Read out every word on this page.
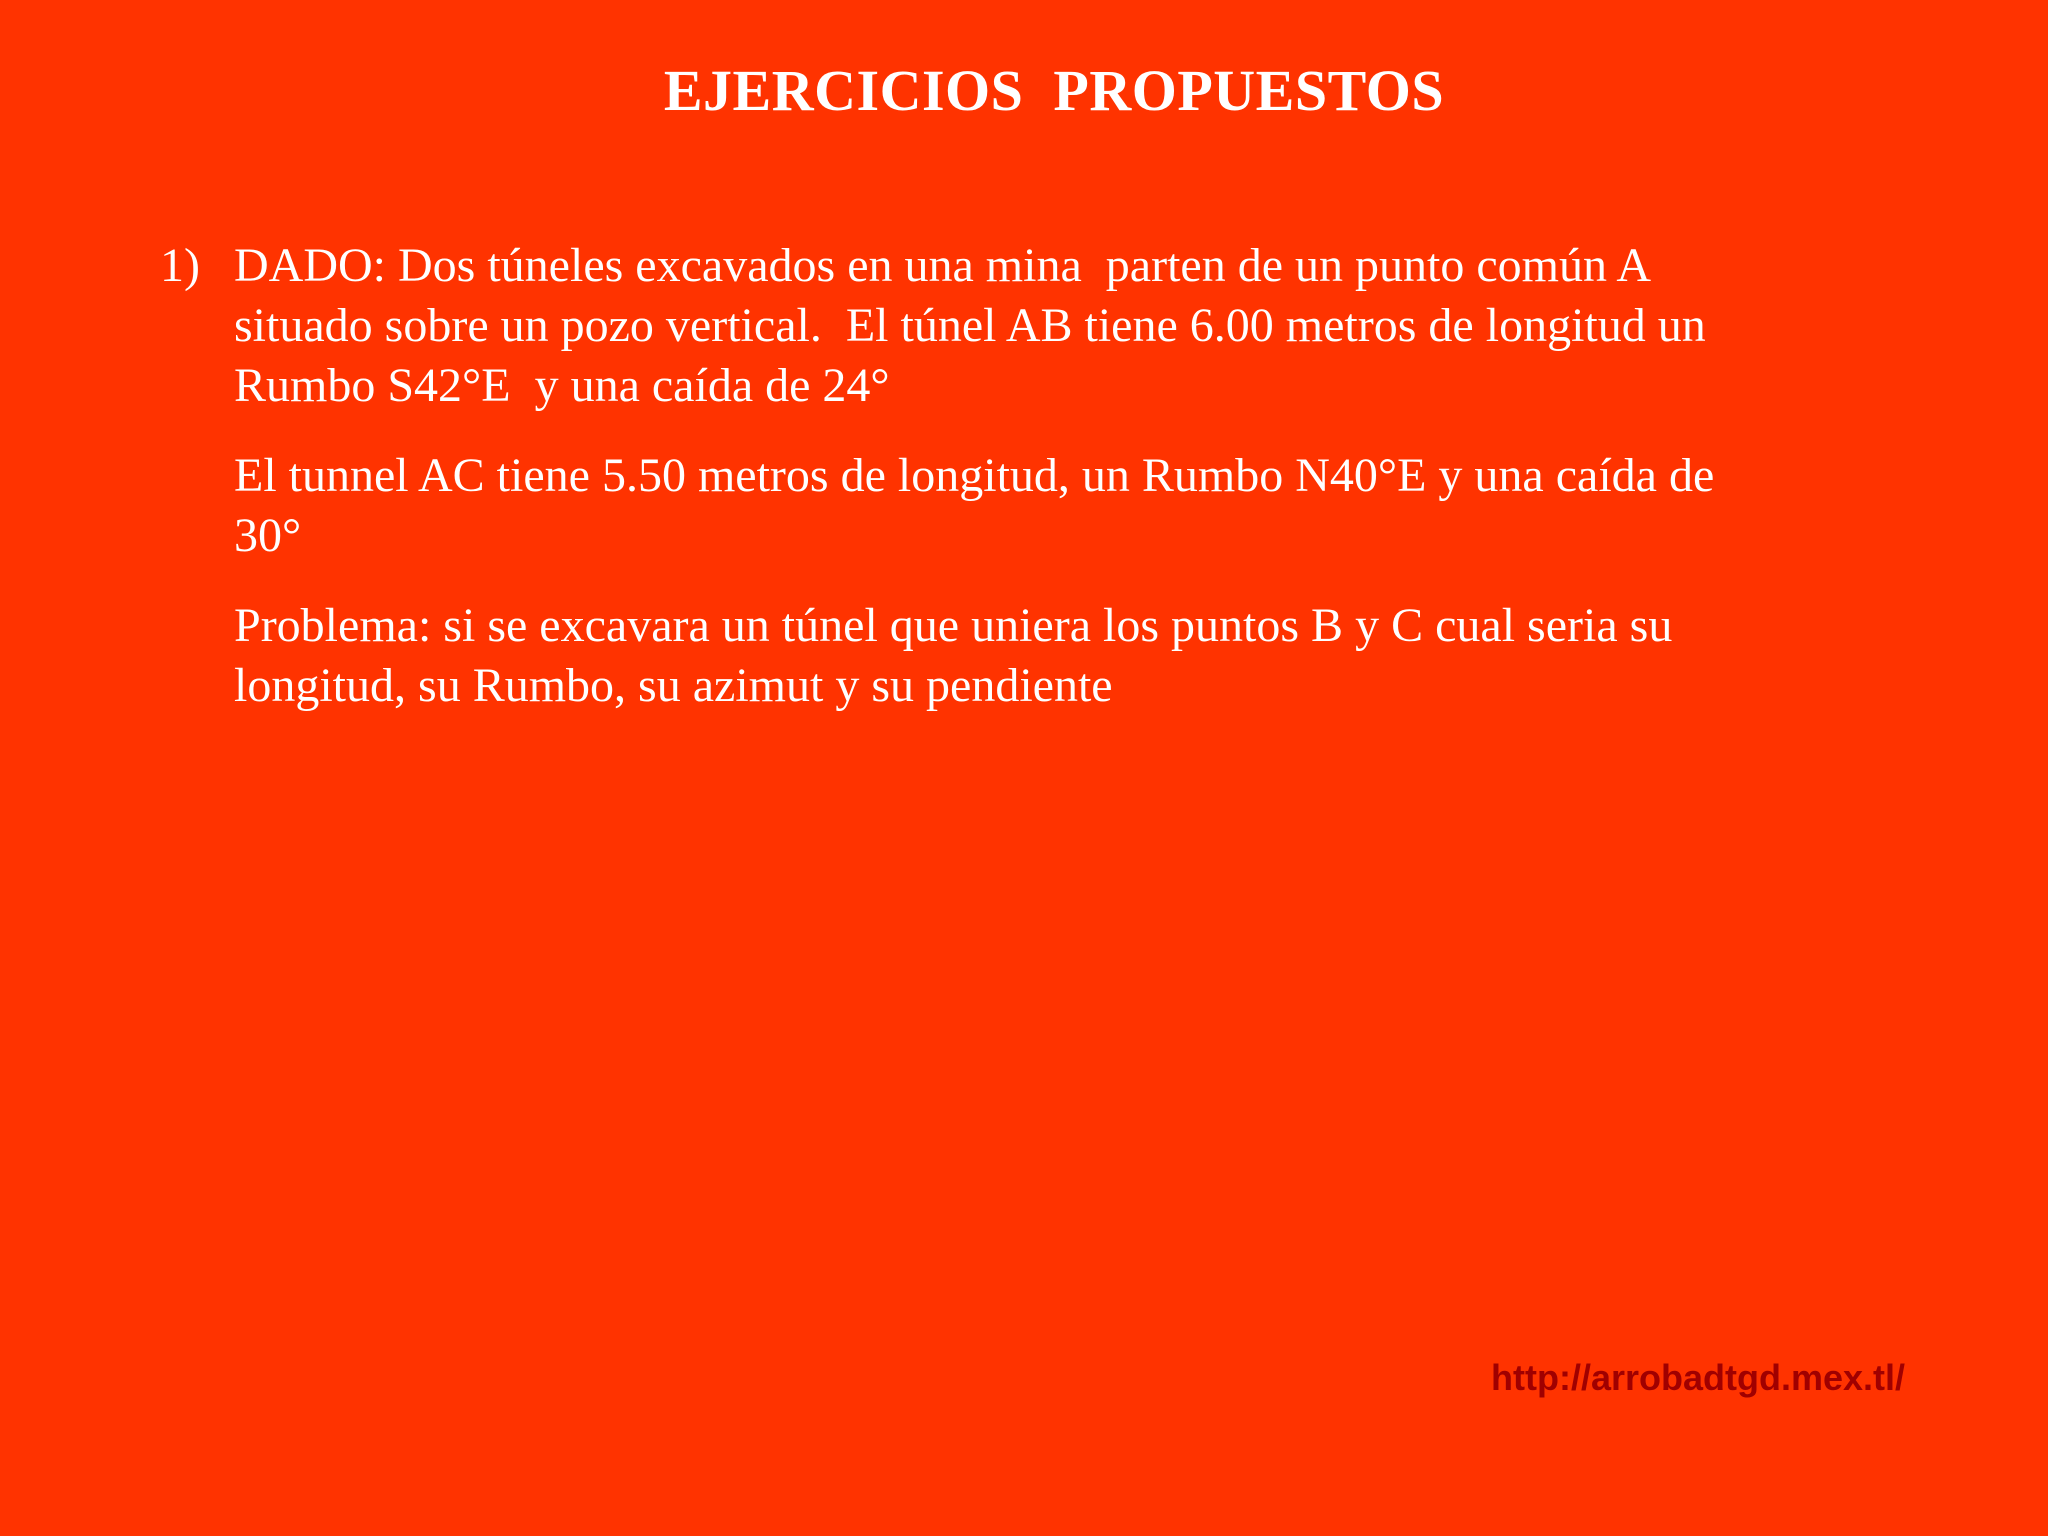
EJERCICIOS  PROPUESTOS
1) DADO: Dos túneles excavados en una mina  parten de un punto común A
situado sobre un pozo vertical.  El túnel AB tiene 6.00 metros de longitud un
Rumbo S42°E  y una caída de 24°

El tunnel AC tiene 5.50 metros de longitud, un Rumbo N40°E y una caída de
30°

Problema: si se excavara un túnel que uniera los puntos B y C cual seria su
longitud, su Rumbo, su azimut y su pendiente

http://arrobadtgd.mex.tl/
